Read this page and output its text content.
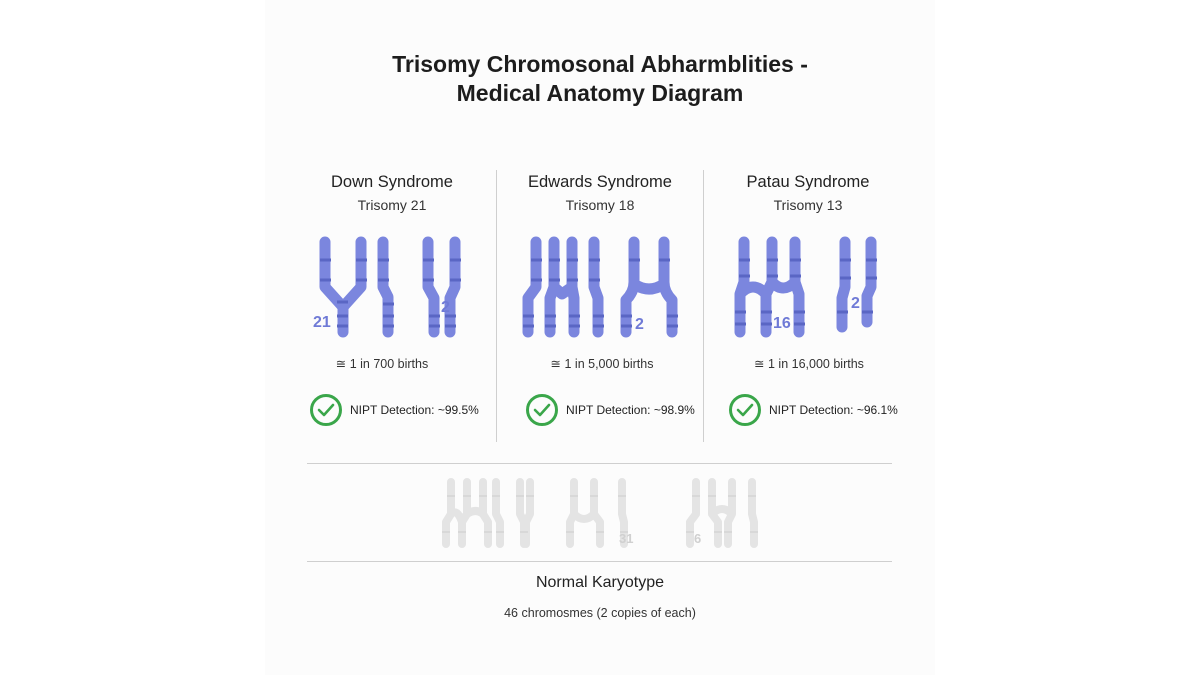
Trisomy Chromosonal Abharmblities -
Medical Anatomy Diagram
Down Syndrome
Trisomy 21
Edwards Syndrome
Trisomy 18
Patau Syndrome
Trisomy 13
21
2
2	16
2
≅ 1 in 700 births	≅ 1 in 5,000 births	≅ 1 in 16,000 births
NIPT Detection: ~99.5%	NIPT Detection: ~98.9%	NIPT Detection: ~96.1%
31	6
Normal Karyotype
46 chromosmes (2 copies of each)
